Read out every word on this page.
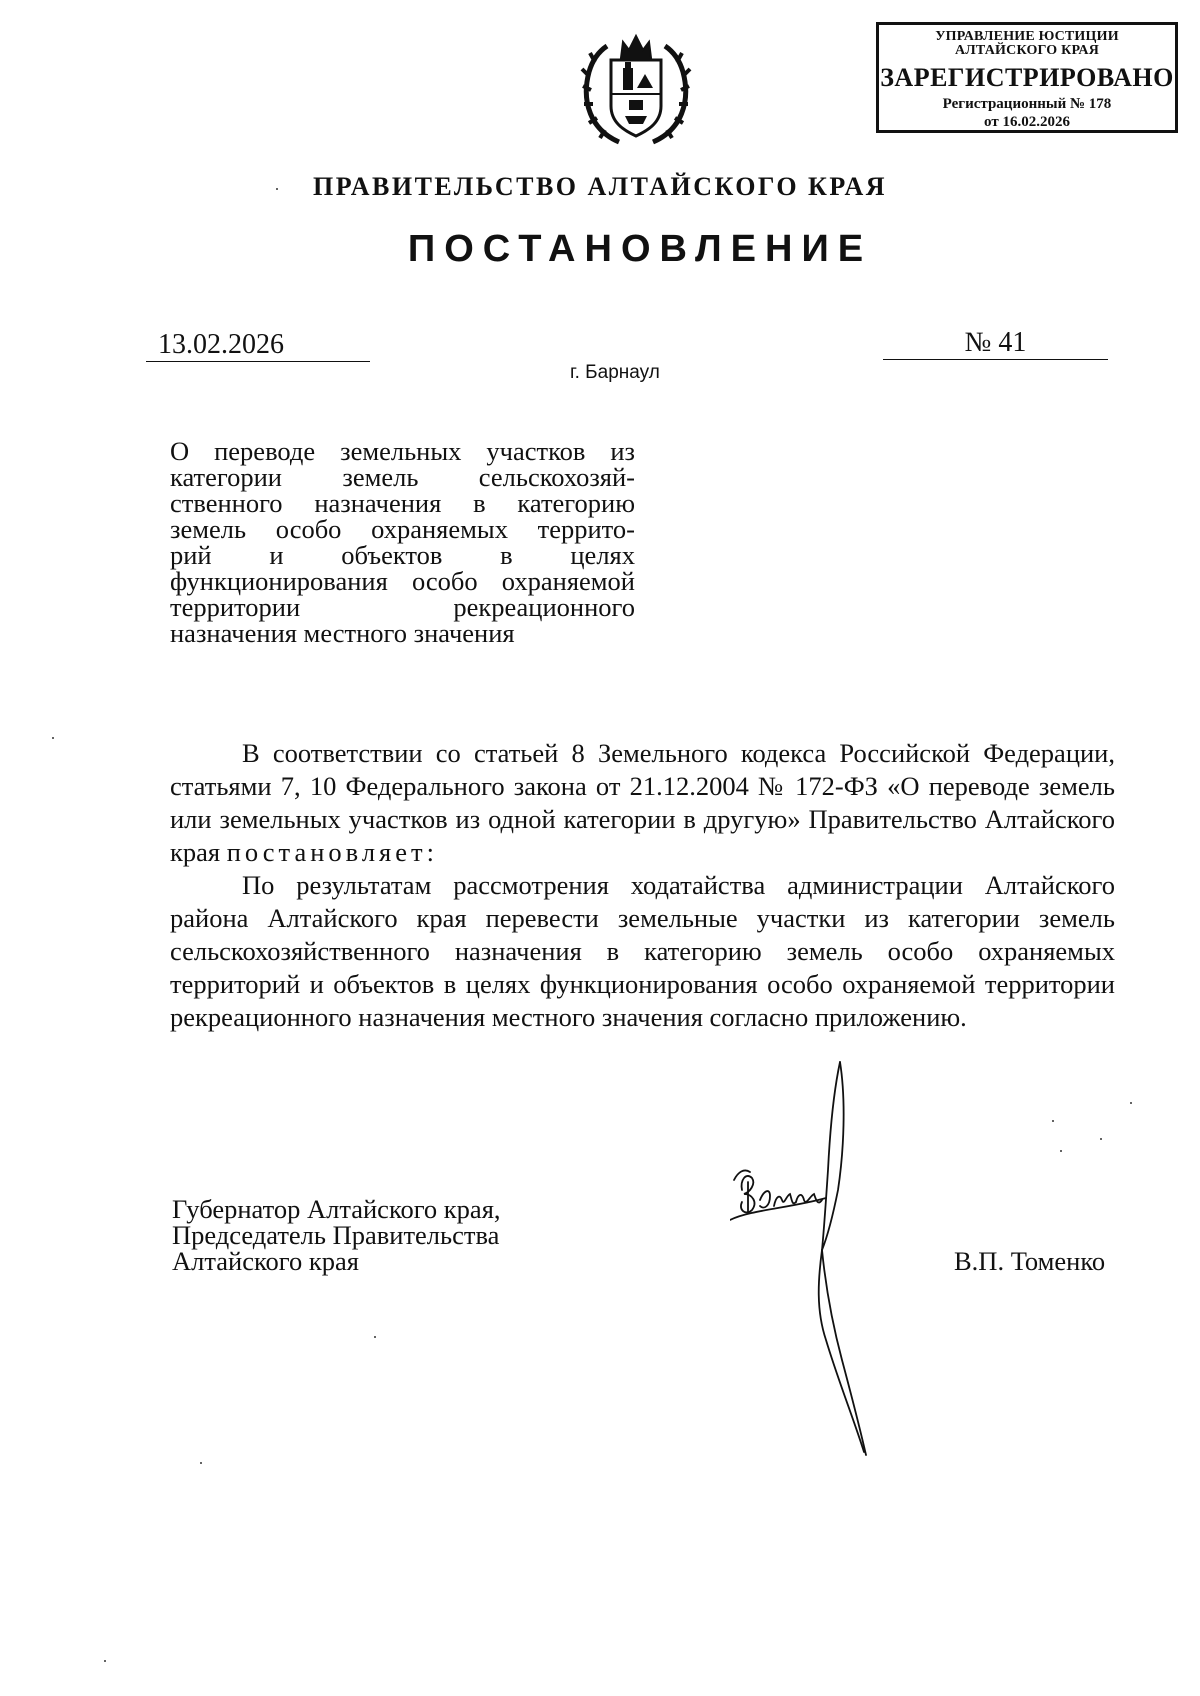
УПРАВЛЕНИЕ ЮСТИЦИИ
АЛТАЙСКОГО КРАЯ
ЗАРЕГИСТРИРОВАНО
Регистрационный № 178
от 16.02.2026
ПРАВИТЕЛЬСТВО АЛТАЙСКОГО КРАЯ
ПОСТАНОВЛЕНИЕ
13.02.2026	№ 41
г. Барнаул
О переводе земельных участков из
категории земель сельскохозяй-
ственного назначения в категорию
земель особо охраняемых террито-
рий и объектов в целях
функционирования особо охраняемой
территории рекреационного
назначения местного значения

В соответствии со статьей 8 Земельного кодекса Российской Федерации, статьями 7, 10 Федерального закона от 21.12.2004 № 172-ФЗ «О переводе земель или земельных участков из одной категории в другую» Правительство Алтайского края постановляет:

По результатам рассмотрения ходатайства администрации Алтайского района Алтайского края перевести земельные участки из категории земель сельскохозяйственного назначения в категорию земель особо охраняемых территорий и объектов в целях функционирования особо охраняемой территории рекреационного назначения местного значения согласно приложению.

Губернатор Алтайского края,
Председатель Правительства
Алтайского края	В.П. Томенко
